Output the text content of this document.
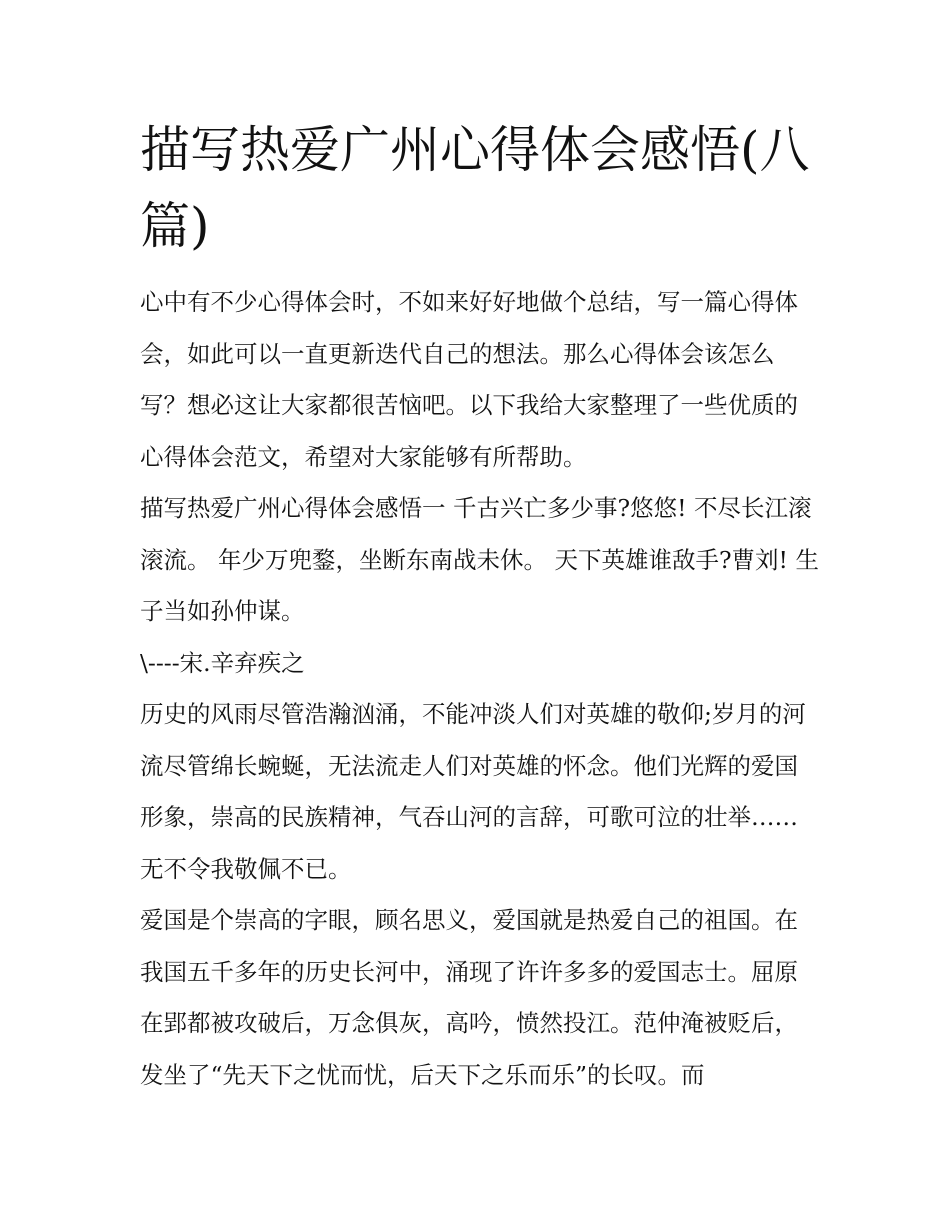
描写热爱广州心得体会感悟(八篇)

心中有不少心得体会时，不如来好好地做个总结，写一篇心得体会，如此可以一直更新迭代自己的想法。那么心得体会该怎么写？想必这让大家都很苦恼吧。以下我给大家整理了一些优质的心得体会范文，希望对大家能够有所帮助。

描写热爱广州心得体会感悟一 千古兴亡多少事?悠悠! 不尽长江滚滚流。 年少万兜鍪，坐断东南战未休。 天下英雄谁敌手?曹刘! 生子当如孙仲谋。

\----宋.辛弃疾之

历史的风雨尽管浩瀚汹涌，不能冲淡人们对英雄的敬仰;岁月的河流尽管绵长蜿蜒，无法流走人们对英雄的怀念。他们光辉的爱国形象，崇高的民族精神，气吞山河的言辞，可歌可泣的壮举……无不令我敬佩不已。

爱国是个崇高的字眼，顾名思义，爱国就是热爱自己的祖国。在我国五千多年的历史长河中，涌现了许许多多的爱国志士。屈原在郢都被攻破后，万念俱灰，高吟，愤然投江。范仲淹被贬后，发坐了“先天下之忧而忧，后天下之乐而乐”的长叹。而
